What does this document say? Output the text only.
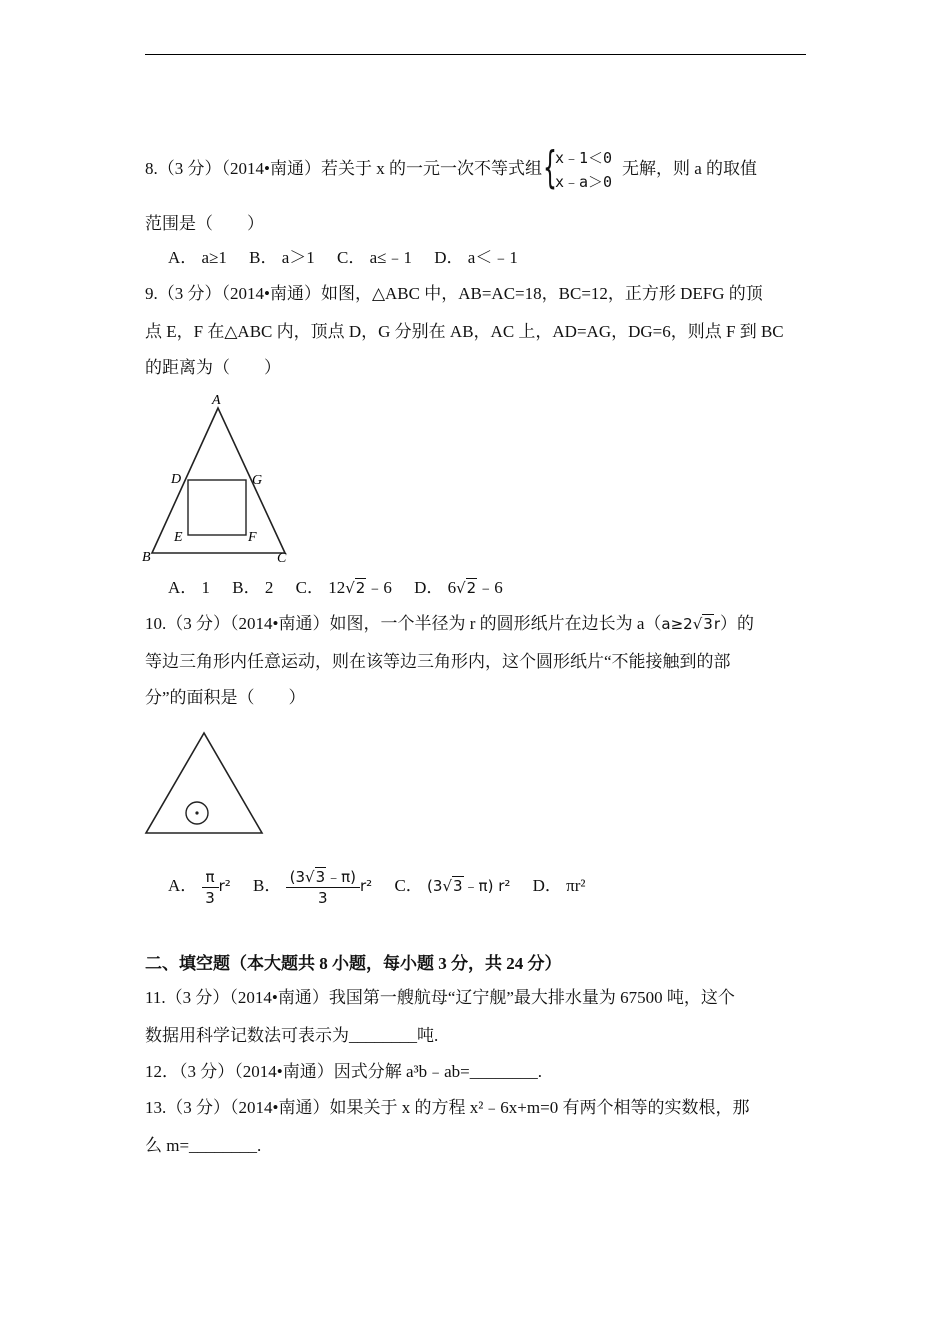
8.（3 分）（2014•南通）若关于 x 的一元一次不等式组 {
x﹣1＜0
x﹣a＞0
无解，则 a 的取值
范围是（　　）
A． a≥1 B． a＞1 C． a≤﹣1 D． a＜﹣1
9.（3 分）（2014•南通）如图，△ABC 中，AB=AC=18，BC=12，正方形 DEFG 的顶
点 E，F 在△ABC 内，顶点 D，G 分别在 AB，AC 上，AD=AG，DG=6，则点 F 到 BC
的距离为（　　）
A
B	C
D
E	F
G
A． 1 B． 2 C． 12√2﹣6 D． 6√2﹣6
10.（3 分）（2014•南通）如图，一个半径为 r 的圆形纸片在边长为 a（a≥2√3r）的
等边三角形内任意运动，则在该等边三角形内，这个圆形纸片“不能接触到的部
分”的面积是（　　）
A． $\frac{\pi}{3} r^2$ B． $\frac{(3√3﹣\pi)}{3} r^2$ C． (3√3﹣π) r² D． πr²
二、填空题（本大题共 8 小题，每小题 3 分，共 24 分）
11.（3 分）（2014•南通）我国第一艘航母“辽宁舰”最大排水量为 67500 吨，这个
数据用科学记数法可表示为________吨.
12．（3 分）（2014•南通）因式分解 a³b﹣ab=________.
13.（3 分）（2014•南通）如果关于 x 的方程 x²﹣6x+m=0 有两个相等的实数根，那
么 m=________.
